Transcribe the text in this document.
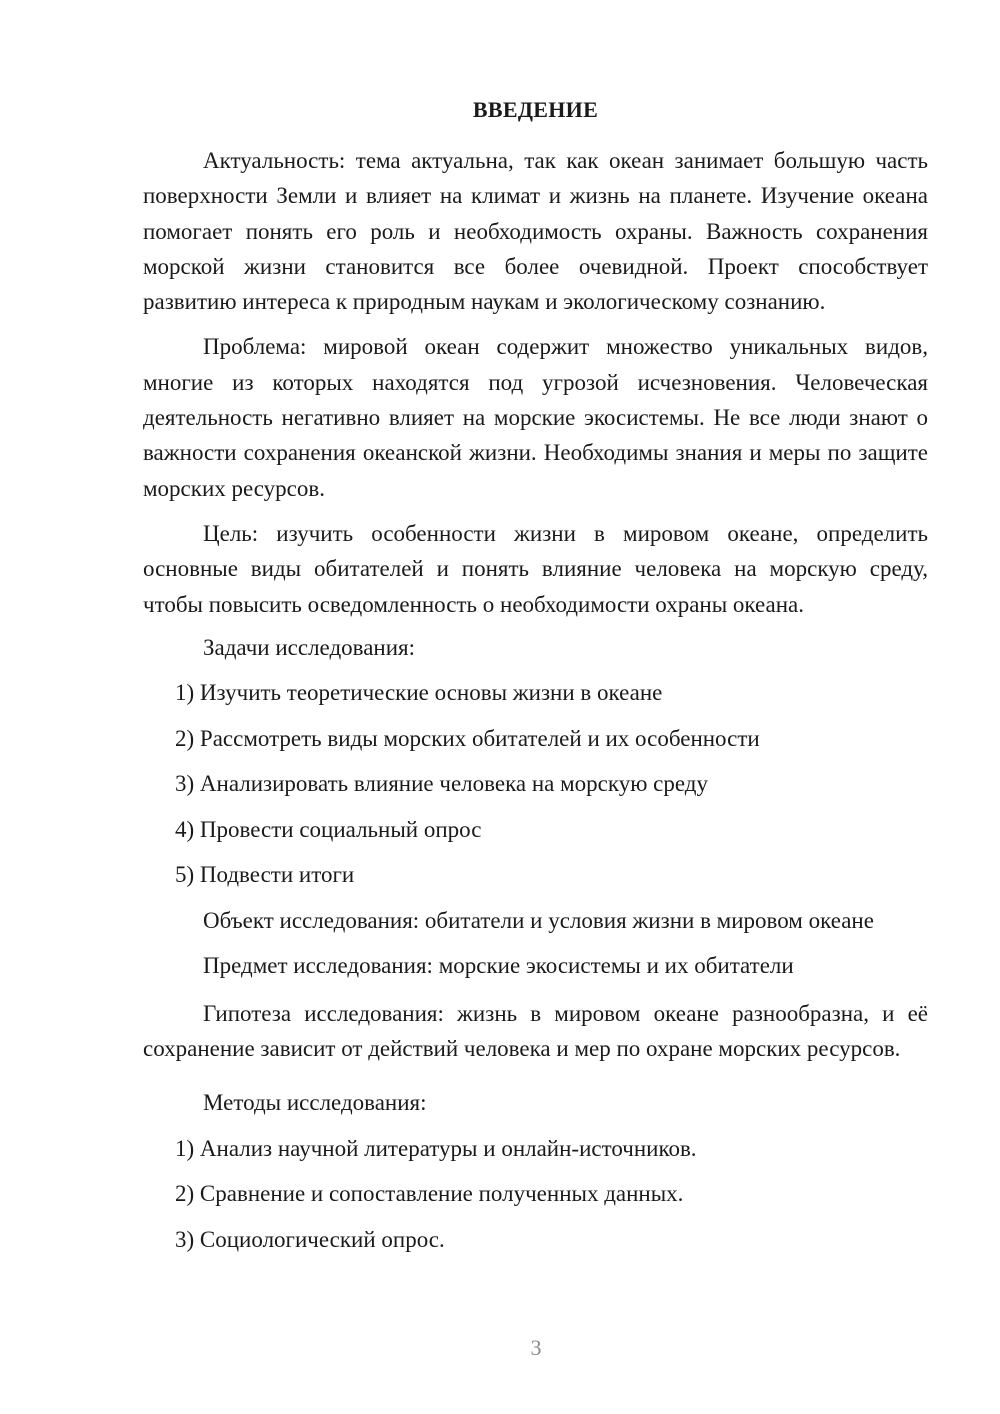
ВВЕДЕНИЕ

Актуальность: тема актуальна, так как океан занимает большую часть поверхности Земли и влияет на климат и жизнь на планете. Изучение океана помогает понять его роль и необходимость охраны. Важность сохранения морской жизни становится все более очевидной. Проект способствует развитию интереса к природным наукам и экологическому сознанию.

Проблема: мировой океан содержит множество уникальных видов, многие из которых находятся под угрозой исчезновения. Человеческая деятельность негативно влияет на морские экосистемы. Не все люди знают о важности сохранения океанской жизни. Необходимы знания и меры по защите морских ресурсов.

Цель: изучить особенности жизни в мировом океане, определить основные виды обитателей и понять влияние человека на морскую среду, чтобы повысить осведомленность о необходимости охраны океана.

Задачи исследования:
1) Изучить теоретические основы жизни в океане
2) Рассмотреть виды морских обитателей и их особенности
3) Анализировать влияние человека на морскую среду
4) Провести социальный опрос
5) Подвести итоги
Объект исследования: обитатели и условия жизни в мировом океане
Предмет исследования: морские экосистемы и их обитатели

Гипотеза исследования: жизнь в мировом океане разнообразна, и её сохранение зависит от действий человека и мер по охране морских ресурсов.

Методы исследования:
1) Анализ научной литературы и онлайн-источников.
2) Сравнение и сопоставление полученных данных.
3) Социологический опрос.
3
